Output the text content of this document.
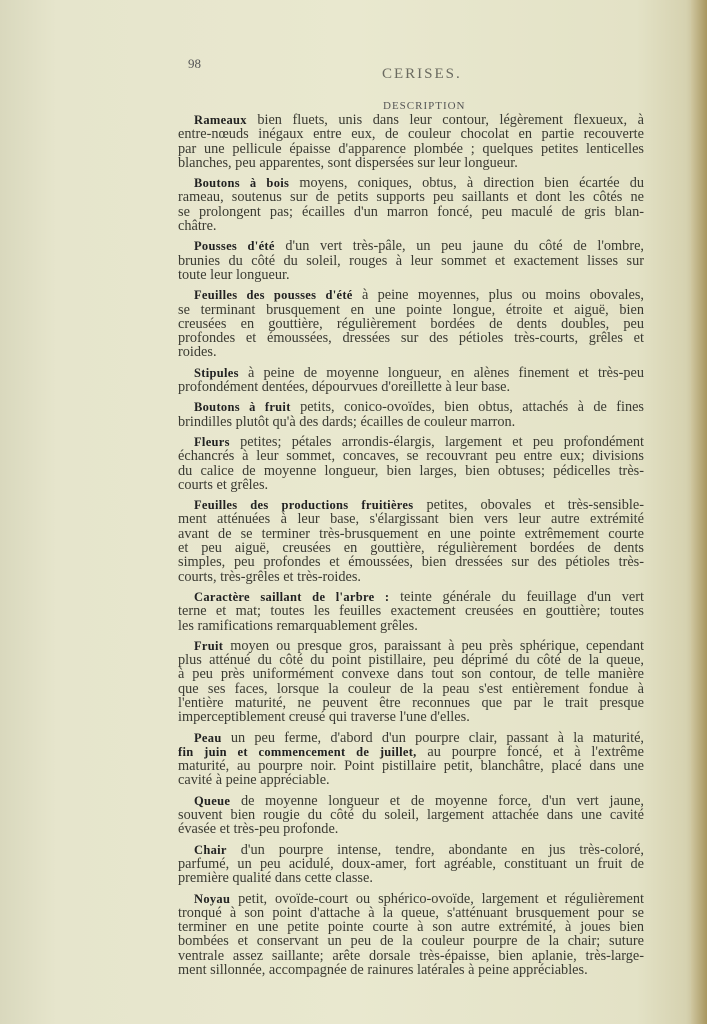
98
CERISES.
DESCRIPTION
Rameaux bien fluets, unis dans leur contour, légèrement flexueux, à
entre-nœuds inégaux entre eux, de couleur chocolat en partie recouverte
par une pellicule épaisse d'apparence plombée ; quelques petites lenticelles
blanches, peu apparentes, sont dispersées sur leur longueur.
Boutons à bois moyens, coniques, obtus, à direction bien écartée du
rameau, soutenus sur de petits supports peu saillants et dont les côtés ne
se prolongent pas; écailles d'un marron foncé, peu maculé de gris blan-
châtre.
Pousses d'été d'un vert très-pâle, un peu jaune du côté de l'ombre,
brunies du côté du soleil, rouges à leur sommet et exactement lisses sur
toute leur longueur.
Feuilles des pousses d'été à peine moyennes, plus ou moins obovales,
se terminant brusquement en une pointe longue, étroite et aiguë, bien
creusées en gouttière, régulièrement bordées de dents doubles, peu
profondes et émoussées, dressées sur des pétioles très-courts, grêles et
roides.
Stipules à peine de moyenne longueur, en alènes finement et très-peu
profondément dentées, dépourvues d'oreillette à leur base.
Boutons à fruit petits, conico-ovoïdes, bien obtus, attachés à de fines
brindilles plutôt qu'à des dards; écailles de couleur marron.
Fleurs petites; pétales arrondis-élargis, largement et peu profondément
échancrés à leur sommet, concaves, se recouvrant peu entre eux; divisions
du calice de moyenne longueur, bien larges, bien obtuses; pédicelles très-
courts et grêles.
Feuilles des productions fruitières petites, obovales et très-sensible-
ment atténuées à leur base, s'élargissant bien vers leur autre extrémité
avant de se terminer très-brusquement en une pointe extrêmement courte
et peu aiguë, creusées en gouttière, régulièrement bordées de dents
simples, peu profondes et émoussées, bien dressées sur des pétioles très-
courts, très-grêles et très-roides.
Caractère saillant de l'arbre : teinte générale du feuillage d'un vert
terne et mat; toutes les feuilles exactement creusées en gouttière; toutes
les ramifications remarquablement grêles.
Fruit moyen ou presque gros, paraissant à peu près sphérique, cependant
plus atténué du côté du point pistillaire, peu déprimé du côté de la queue,
à peu près uniformément convexe dans tout son contour, de telle manière
que ses faces, lorsque la couleur de la peau s'est entièrement fondue à
l'entière maturité, ne peuvent être reconnues que par le trait presque
imperceptiblement creusé qui traverse l'une d'elles.
Peau un peu ferme, d'abord d'un pourpre clair, passant à la maturité,
fin juin et commencement de juillet, au pourpre foncé, et à l'extrême
maturité, au pourpre noir. Point pistillaire petit, blanchâtre, placé dans une
cavité à peine appréciable.
Queue de moyenne longueur et de moyenne force, d'un vert jaune,
souvent bien rougie du côté du soleil, largement attachée dans une cavité
évasée et très-peu profonde.
Chair d'un pourpre intense, tendre, abondante en jus très-coloré,
parfumé, un peu acidulé, doux-amer, fort agréable, constituant un fruit de
première qualité dans cette classe.
Noyau petit, ovoïde-court ou sphérico-ovoïde, largement et régulièrement
tronqué à son point d'attache à la queue, s'atténuant brusquement pour se
terminer en une petite pointe courte à son autre extrémité, à joues bien
bombées et conservant un peu de la couleur pourpre de la chair; suture
ventrale assez saillante; arête dorsale très-épaisse, bien aplanie, très-large-
ment sillonnée, accompagnée de rainures latérales à peine appréciables.
